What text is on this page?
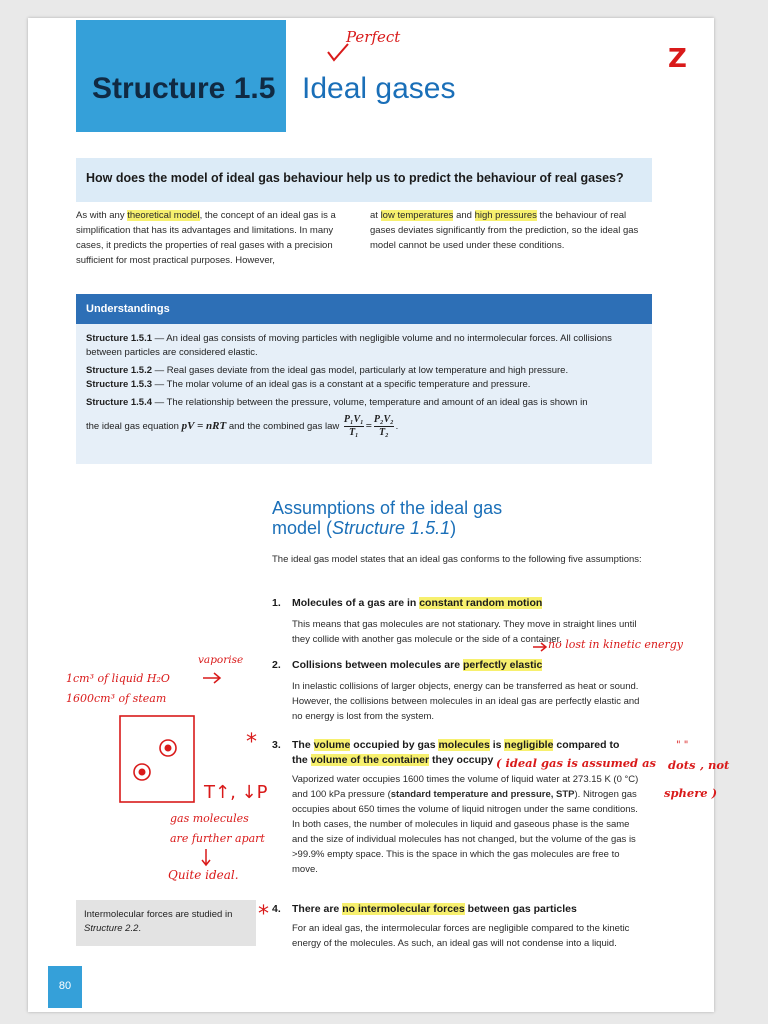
Structure 1.5 Ideal gases
Perfect
Z
How does the model of ideal gas behaviour help us to predict the behaviour of real gases?
As with any theoretical model, the concept of an ideal gas is a simplification that has its advantages and limitations. In many cases, it predicts the properties of real gases with a precision sufficient for most practical purposes. However,
at low temperatures and high pressures the behaviour of real gases deviates significantly from the prediction, so the ideal gas model cannot be used under these conditions.
Understandings
Structure 1.5.1 — An ideal gas consists of moving particles with negligible volume and no intermolecular forces. All collisions between particles are considered elastic.
Structure 1.5.2 — Real gases deviate from the ideal gas model, particularly at low temperature and high pressure.
Structure 1.5.3 — The molar volume of an ideal gas is a constant at a specific temperature and pressure.
Structure 1.5.4 — The relationship between the pressure, volume, temperature and amount of an ideal gas is shown in
the ideal gas equation pV = nRT and the combined gas law $\frac{\text{P₁V₁}}{\text{T₁}} = \frac{\text{P₂V₂}}{\text{T₂}}$ .
Assumptions of the ideal gas
model (Structure 1.5.1)
The ideal gas model states that an ideal gas conforms to the following five assumptions:
1. Molecules of a gas are in constant random motion
This means that gas molecules are not stationary. They move in straight lines until they collide with another gas molecule or the side of a container.
2. Collisions between molecules are perfectly elastic
In inelastic collisions of larger objects, energy can be transferred as heat or sound. However, the collisions between molecules in an ideal gas are perfectly elastic and no energy is lost from the system.
3. The volume occupied by gas molecules is negligible compared to the volume of the container they occupy
Vaporized water occupies 1600 times the volume of liquid water at 273.15 K (0 °C) and 100 kPa pressure (standard temperature and pressure, STP). Nitrogen gas occupies about 650 times the volume of liquid nitrogen under the same conditions. In both cases, the number of molecules in liquid and gaseous phase is the same and the size of individual molecules has not changed, but the volume of the gas is >99.9% empty space. This is the space in which the gas molecules are free to move.
4. There are no intermolecular forces between gas particles
For an ideal gas, the intermolecular forces are negligible compared to the kinetic energy of the molecules. As such, an ideal gas will not condense into a liquid.
Intermolecular forces are studied in Structure 2.2.
80
no lost in kinetic energy
vaporise
1cm³ of liquid H₂O
1600cm³ of steam
*
( ideal gas is assumed as
" "
dots , not
sphere )
T↑, ↓P
gas molecules
are further apart
Quite ideal.
*
